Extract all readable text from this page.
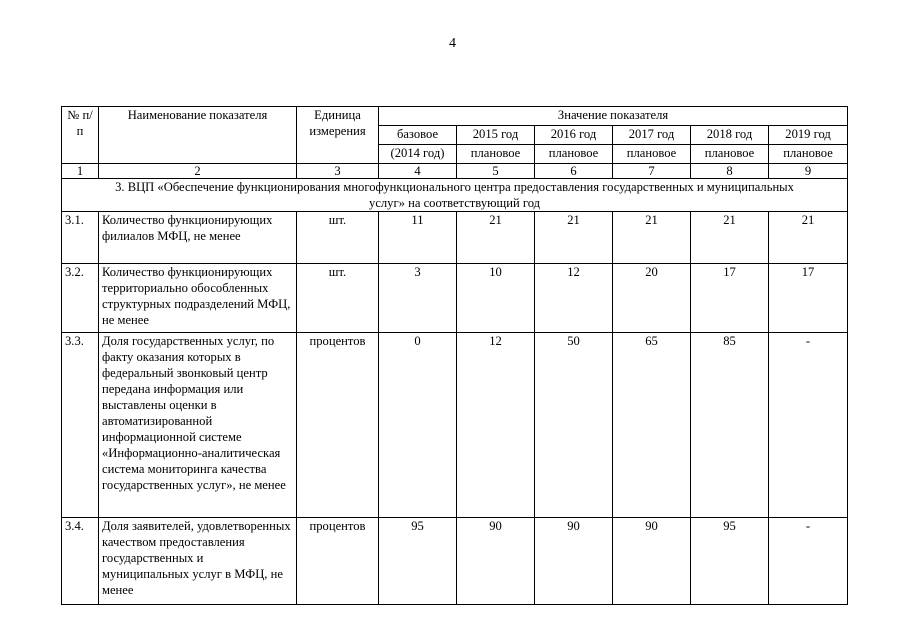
4
№ п/п	Наименование показателя	Единица измерения	Значение показателя					
			базовое	2015 год	2016 год	2017 год	2018 год	2019 год
			(2014 год)	плановое	плановое	плановое	плановое	плановое
1	2	3	4	5	6	7	8	9
3. ВЦП «Обеспечение функционирования многофункционального центра предоставления государственных и муниципальных услуг» на соответствующий год								
3.1.	Количество функционирующих филиалов МФЦ, не менее	шт.	11	21	21	21	21	21
3.2.	Количество функционирующих территориально обособленных структурных подразделений МФЦ, не менее	шт.	3	10	12	20	17	17
3.3.	Доля государственных услуг, по факту оказания которых в федеральный звонковый центр передана информация или выставлены оценки в автоматизированной информационной системе «Информационно-аналитическая система мониторинга качества государственных услуг», не менее	процентов	0	12	50	65	85	-
3.4.	Доля заявителей, удовлетворенных качеством предоставления государственных и муниципальных услуг в МФЦ, не менее	процентов	95	90	90	90	95	-
